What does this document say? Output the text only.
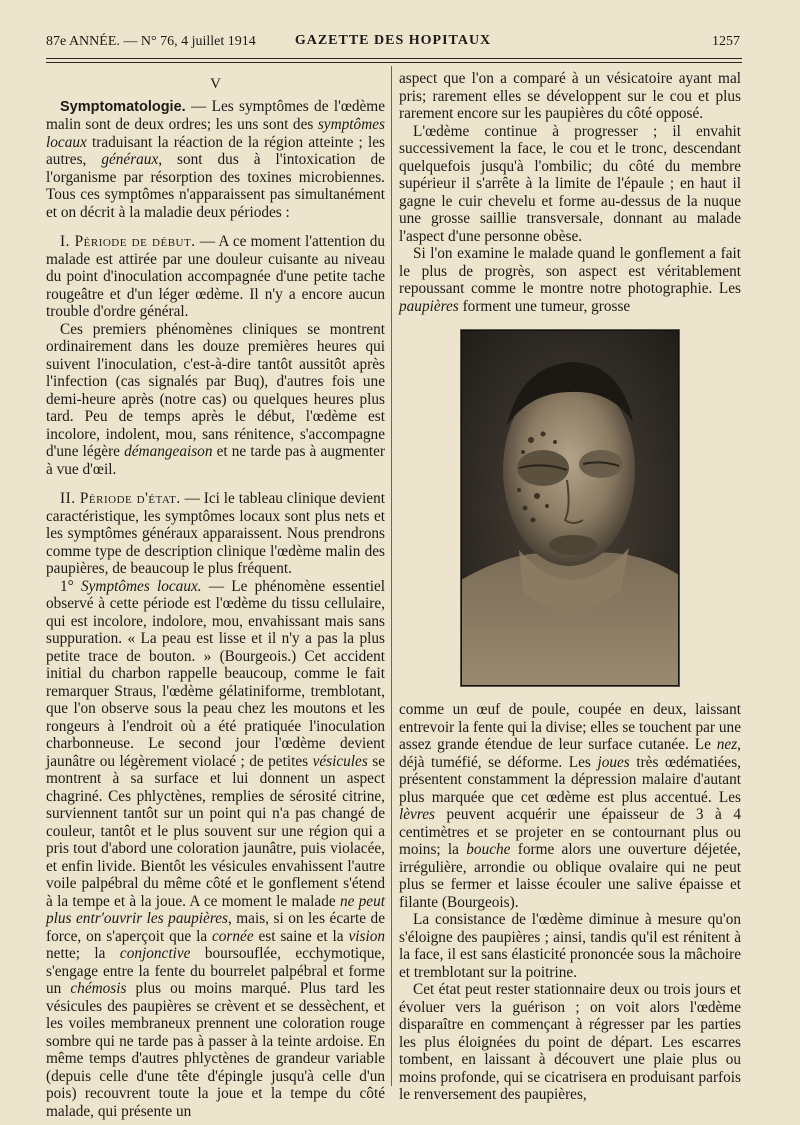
87e ANNÉE. — N° 76, 4 juillet 1914	GAZETTE DES HOPITAUX	1257
V

Symptomatologie. — Les symptômes de l'œdème malin sont de deux ordres; les uns sont des symptômes locaux traduisant la réaction de la région atteinte ; les autres, généraux, sont dus à l'intoxication de l'organisme par résorption des toxines microbiennes. Tous ces symptômes n'apparaissent pas simultanément et on décrit à la maladie deux périodes :

I. Période de début. — A ce moment l'attention du malade est attirée par une douleur cuisante au niveau du point d'inoculation accompagnée d'une petite tache rougeâtre et d'un léger œdème. Il n'y a encore aucun trouble d'ordre général.

Ces premiers phénomènes cliniques se montrent ordinairement dans les douze premières heures qui suivent l'inoculation, c'est-à-dire tantôt aussitôt après l'infection (cas signalés par Buq), d'autres fois une demi-heure après (notre cas) ou quelques heures plus tard. Peu de temps après le début, l'œdème est incolore, indolent, mou, sans rénitence, s'accompagne d'une légère démangeaison et ne tarde pas à augmenter à vue d'œil.

II. Période d'état. — Ici le tableau clinique devient caractéristique, les symptômes locaux sont plus nets et les symptômes généraux apparaissent. Nous prendrons comme type de description clinique l'œdème malin des paupières, de beaucoup le plus fréquent.

1° Symptômes locaux. — Le phénomène essentiel observé à cette période est l'œdème du tissu cellulaire, qui est incolore, indolore, mou, envahissant mais sans suppuration. « La peau est lisse et il n'y a pas la plus petite trace de bouton. » (Bourgeois.) Cet accident initial du charbon rappelle beaucoup, comme le fait remarquer Straus, l'œdème gélatiniforme, tremblotant, que l'on observe sous la peau chez les moutons et les rongeurs à l'endroit où a été pratiquée l'inoculation charbonneuse. Le second jour l'œdème devient jaunâtre ou légèrement violacé ; de petites vésicules se montrent à sa surface et lui donnent un aspect chagriné. Ces phlyctènes, remplies de sérosité citrine, surviennent tantôt sur un point qui n'a pas changé de couleur, tantôt et le plus souvent sur une région qui a pris tout d'abord une coloration jaunâtre, puis violacée, et enfin livide. Bientôt les vésicules envahissent l'autre voile palpébral du même côté et le gonflement s'étend à la tempe et à la joue. A ce moment le malade ne peut plus entr'ouvrir les paupières, mais, si on les écarte de force, on s'aperçoit que la cornée est saine et la vision nette; la conjonctive boursouflée, ecchymotique, s'engage entre la fente du bourrelet palpébral et forme un chémosis plus ou moins marqué. Plus tard les vésicules des paupières se crèvent et se dessèchent, et les voiles membraneux prennent une coloration rouge sombre qui ne tarde pas à passer à la teinte ardoise. En même temps d'autres phlyctènes de grandeur variable (depuis celle d'une tête d'épingle jusqu'à celle d'un pois) recouvrent toute la joue et la tempe du côté malade, qui présente un

aspect que l'on a comparé à un vésicatoire ayant mal pris; rarement elles se développent sur le cou et plus rarement encore sur les paupières du côté opposé.

L'œdème continue à progresser ; il envahit successivement la face, le cou et le tronc, descendant quelquefois jusqu'à l'ombilic; du côté du membre supérieur il s'arrête à la limite de l'épaule ; en haut il gagne le cuir chevelu et forme au-dessus de la nuque une grosse saillie transversale, donnant au malade l'aspect d'une personne obèse.

Si l'on examine le malade quand le gonflement a fait le plus de progrès, son aspect est véritablement repoussant comme le montre notre photographie. Les paupières forment une tumeur, grosse

comme un œuf de poule, coupée en deux, laissant entrevoir la fente qui la divise; elles se touchent par une assez grande étendue de leur surface cutanée. Le nez, déjà tuméfié, se déforme. Les joues très œdématiées, présentent constamment la dépression malaire d'autant plus marquée que cet œdème est plus accentué. Les lèvres peuvent acquérir une épaisseur de 3 à 4 centimètres et se projeter en se contournant plus ou moins; la bouche forme alors une ouverture déjetée, irrégulière, arrondie ou oblique ovalaire qui ne peut plus se fermer et laisse écouler une salive épaisse et filante (Bourgeois).

La consistance de l'œdème diminue à mesure qu'on s'éloigne des paupières ; ainsi, tandis qu'il est rénitent à la face, il est sans élasticité prononcée sous la mâchoire et tremblotant sur la poitrine.

Cet état peut rester stationnaire deux ou trois jours et évoluer vers la guérison ; on voit alors l'œdème disparaître en commençant à régresser par les parties les plus éloignées du point de départ. Les escarres tombent, en laissant à découvert une plaie plus ou moins profonde, qui se cicatrisera en produisant parfois le renversement des paupières,
